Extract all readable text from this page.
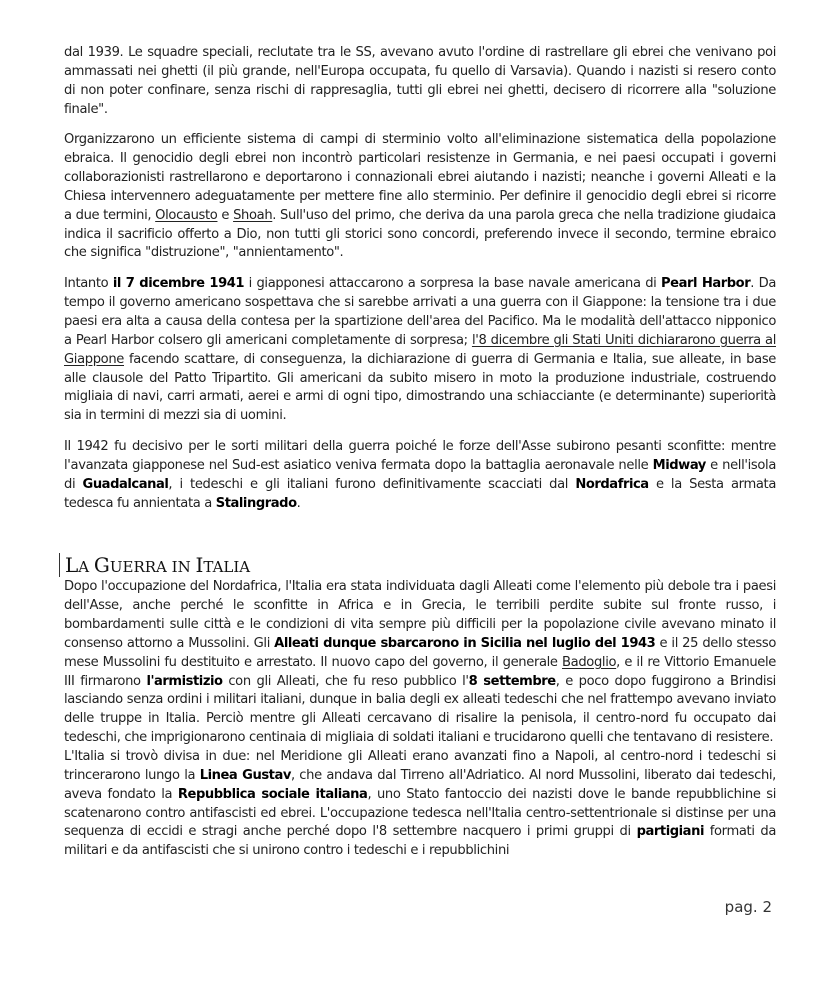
dal 1939. Le squadre speciali, reclutate tra le SS, avevano avuto l'ordine di rastrellare gli ebrei che venivano poi ammassati nei ghetti (il più grande, nell'Europa occupata, fu quello di Varsavia). Quando i nazisti si resero conto di non poter confinare, senza rischi di rappresaglia, tutti gli ebrei nei ghetti, decisero di ricorrere alla "soluzione finale".

Organizzarono un efficiente sistema di campi di sterminio volto all'eliminazione sistematica della popolazione ebraica. Il genocidio degli ebrei non incontrò particolari resistenze in Germania, e nei paesi occupati i governi collaborazionisti rastrellarono e deportarono i connazionali ebrei aiutando i nazisti; neanche i governi Alleati e la Chiesa intervennero adeguatamente per mettere fine allo sterminio. Per definire il genocidio degli ebrei si ricorre a due termini, Olocausto e Shoah. Sull'uso del primo, che deriva da una parola greca che nella tradizione giudaica indica il sacrificio offerto a Dio, non tutti gli storici sono concordi, preferendo invece il secondo, termine ebraico che significa "distruzione", "annientamento".

Intanto il 7 dicembre 1941 i giapponesi attaccarono a sorpresa la base navale americana di Pearl Harbor. Da tempo il governo americano sospettava che si sarebbe arrivati a una guerra con il Giappone: la tensione tra i due paesi era alta a causa della contesa per la spartizione dell'area del Pacifico. Ma le modalità dell'attacco nipponico a Pearl Harbor colsero gli americani completamente di sorpresa; l'8 dicembre gli Stati Uniti dichiararono guerra al Giappone facendo scattare, di conseguenza, la dichiarazione di guerra di Germania e Italia, sue alleate, in base alle clausole del Patto Tripartito. Gli americani da subito misero in moto la produzione industriale, costruendo migliaia di navi, carri armati, aerei e armi di ogni tipo, dimostrando una schiacciante (e determinante) superiorità sia in termini di mezzi sia di uomini.

Il 1942 fu decisivo per le sorti militari della guerra poiché le forze dell'Asse subirono pesanti sconfitte: mentre l'avanzata giapponese nel Sud-est asiatico veniva fermata dopo la battaglia aeronavale nelle Midway e nell'isola di Guadalcanal, i tedeschi e gli italiani furono definitivamente scacciati dal Nordafrica e la Sesta armata tedesca fu annientata a Stalingrado.

LA GUERRA IN ITALIA

Dopo l'occupazione del Nordafrica, l'Italia era stata individuata dagli Alleati come l'elemento più debole tra i paesi dell'Asse, anche perché le sconfitte in Africa e in Grecia, le terribili perdite subite sul fronte russo, i bombardamenti sulle città e le condizioni di vita sempre più difficili per la popolazione civile avevano minato il consenso attorno a Mussolini. Gli Alleati dunque sbarcarono in Sicilia nel luglio del 1943 e il 25 dello stesso mese Mussolini fu destituito e arrestato. Il nuovo capo del governo, il generale Badoglio, e il re Vittorio Emanuele III firmarono l'armistizio con gli Alleati, che fu reso pubblico l'8 settembre, e poco dopo fuggirono a Brindisi lasciando senza ordini i militari italiani, dunque in balia degli ex alleati tedeschi che nel frattempo avevano inviato delle truppe in Italia. Perciò mentre gli Alleati cercavano di risalire la penisola, il centro-nord fu occupato dai tedeschi, che imprigionarono centinaia di migliaia di soldati italiani e trucidarono quelli che tentavano di resistere.

L'Italia si trovò divisa in due: nel Meridione gli Alleati erano avanzati fino a Napoli, al centro-nord i tedeschi si trincerarono lungo la Linea Gustav, che andava dal Tirreno all'Adriatico. Al nord Mussolini, liberato dai tedeschi, aveva fondato la Repubblica sociale italiana, uno Stato fantoccio dei nazisti dove le bande repubblichine si scatenarono contro antifascisti ed ebrei. L'occupazione tedesca nell'Italia centro-settentrionale si distinse per una sequenza di eccidi e stragi anche perché dopo l'8 settembre nacquero i primi gruppi di partigiani formati da militari e da antifascisti che si unirono contro i tedeschi e i repubblichini

pag. 2
